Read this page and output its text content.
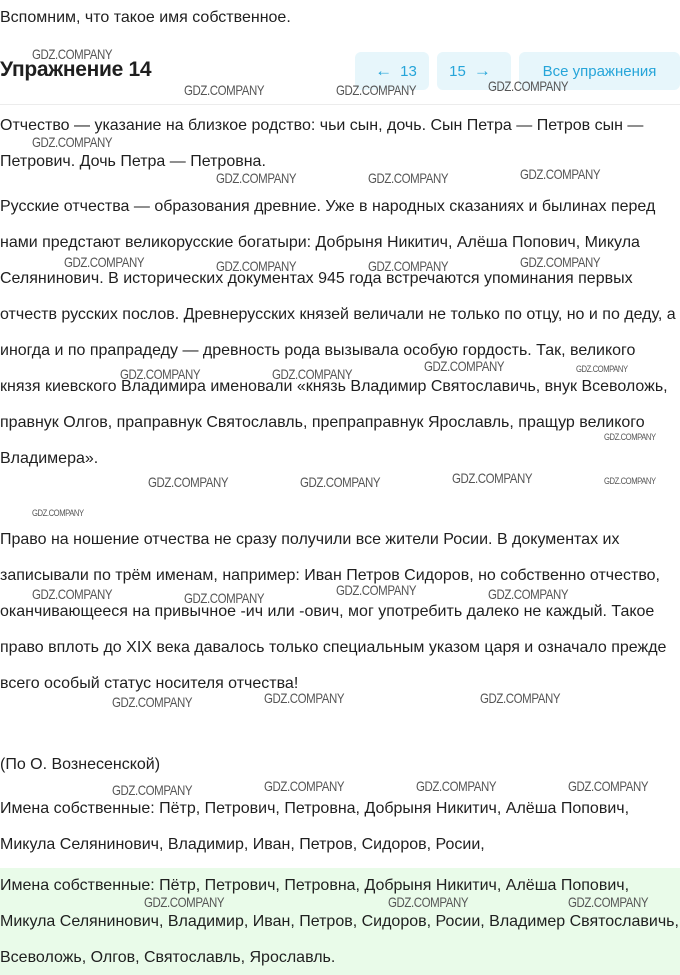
Вспомним, что такое имя собственное.
Упражнение 14	← 13 15 →	Все упражнения

Отчество — указание на близкое родство: чьи сын, дочь. Сын Петра — Петров сын — Петрович. Дочь Петра — Петровна.

Русские отчества — образования древние. Уже в народных сказаниях и былинах перед нами предстают великорусские богатыри: Добрыня Никитич, Алёша Попович, Микула Селянинович. В исторических документах 945 года встречаются упоминания первых отчеств русских послов. Древнерусских князей величали не только по отцу, но и по деду, а иногда и по прапрадеду — древность рода вызывала особую гордость. Так, великого князя киевского Владимира именовали «князь Владимир Святославичь, внук Всеволожь, правнук Олгов, праправнук Святославль, препраправнук Ярославль, пращур великого Владимера».

Право на ношение отчества не сразу получили все жители Росии. В документах их записывали по трём именам, например: Иван Петров Сидоров, но собственно отчество, оканчивающееся на привычное -ич или -ович, мог употребить далеко не каждый. Такое право вплоть до XIX века давалось только специальным указом царя и означало прежде всего особый статус носителя отчества!

(По О. Вознесенской)

Имена собственные: Пётр, Петрович, Петровна, Добрыня Никитич, Алёша Попович, Микула Селянинович, Владимир, Иван, Петров, Сидоров, Росии,

Имена собственные: Пётр, Петрович, Петровна, Добрыня Никитич, Алёша Попович, Микула Селянинович, Владимир, Иван, Петров, Сидоров, Росии, Владимер Святославичь, Всеволожь, Олгов, Святославль, Ярославль.

GDZ.COMPANY
GDZ.COMPANY	GDZ.COMPANY	GDZ.COMPANY
GDZ.COMPANY
GDZ.COMPANY	GDZ.COMPANY	GDZ.COMPANY
GDZ.COMPANY	GDZ.COMPANY	GDZ.COMPANY	GDZ.COMPANY
GDZ.COMPANY	GDZ.COMPANY	GDZ.COMPANY	GDZ.COMPANY
GDZ.COMPANY
GDZ.COMPANY	GDZ.COMPANY	GDZ.COMPANY	GDZ.COMPANY
GDZ.COMPANY
GDZ.COMPANY	GDZ.COMPANY	GDZ.COMPANY	GDZ.COMPANY
GDZ.COMPANY	GDZ.COMPANY	GDZ.COMPANY
GDZ.COMPANY	GDZ.COMPANY	GDZ.COMPANY	GDZ.COMPANY
GDZ.COMPANY	GDZ.COMPANY	GDZ.COMPANY
